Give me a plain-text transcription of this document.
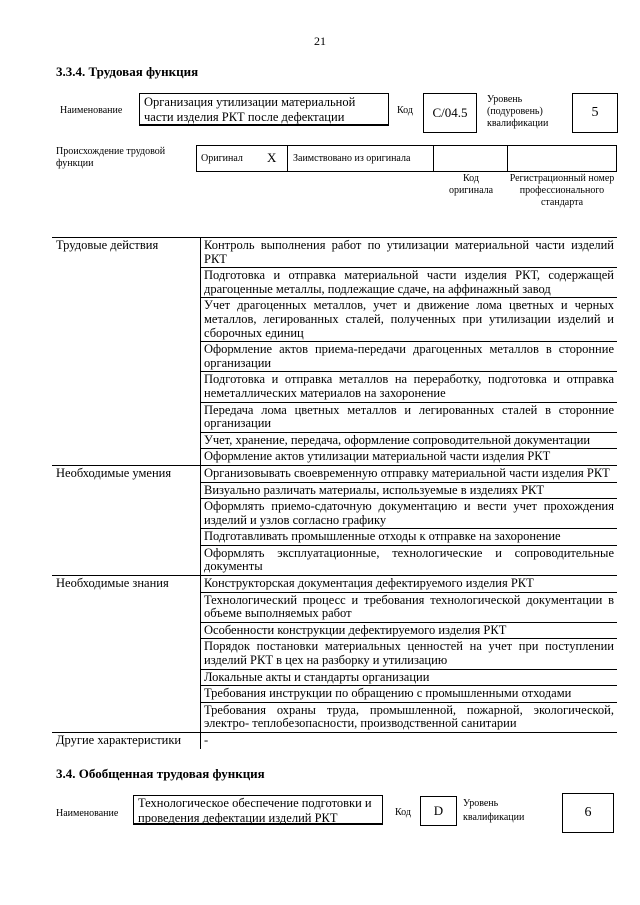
21
3.3.4. Трудовая функция
Наименование
Организация утилизации материальной части изделия РКТ после дефектации	Код C/04.5
Уровень (подуровень) квалификации
5
Происхождение трудовой функции	Оригинал X Заимствовано из оригинала
Код оригинала
Регистрационный номер профессионального стандарта
Трудовые действия	Контроль выполнения работ по утилизации материальной части изделий РКТ
	Подготовка и отправка материальной части изделия РКТ, содержащей драгоценные металлы, подлежащие сдаче, на аффинажный завод
	Учет драгоценных металлов, учет и движение лома цветных и черных металлов, легированных сталей, полученных при утилизации изделий и сборочных единиц
	Оформление актов приема-передачи драгоценных металлов в сторонние организации
	Подготовка и отправка металлов на переработку, подготовка и отправка неметаллических материалов на захоронение
	Передача лома цветных металлов и легированных сталей в сторонние организации
	Учет, хранение, передача, оформление сопроводительной документации
	Оформление актов утилизации материальной части изделия РКТ
Необходимые умения	Организовывать своевременную отправку материальной части изделия РКТ
	Визуально различать материалы, используемые в изделиях РКТ
	Оформлять приемо-сдаточную документацию и вести учет прохождения изделий и узлов согласно графику
	Подготавливать промышленные отходы к отправке на захоронение
	Оформлять эксплуатационные, технологические и сопроводительные документы
Необходимые знания	Конструкторская документация дефектируемого изделия РКТ
	Технологический процесс и требования технологической документации в объеме выполняемых работ
	Особенности конструкции дефектируемого изделия РКТ
	Порядок постановки материальных ценностей на учет при поступлении изделий РКТ в цех на разборку и утилизацию
	Локальные акты и стандарты организации
	Требования инструкции по обращению с промышленными отходами
	Требования охраны труда, промышленной, пожарной, экологической, электро- теплобезопасности, производственной санитарии
Другие характеристики	-
3.4. Обобщенная трудовая функция
Наименование
Технологическое обеспечение подготовки и проведения дефектации изделий РКТ	Код D Уровень квалификации	6
